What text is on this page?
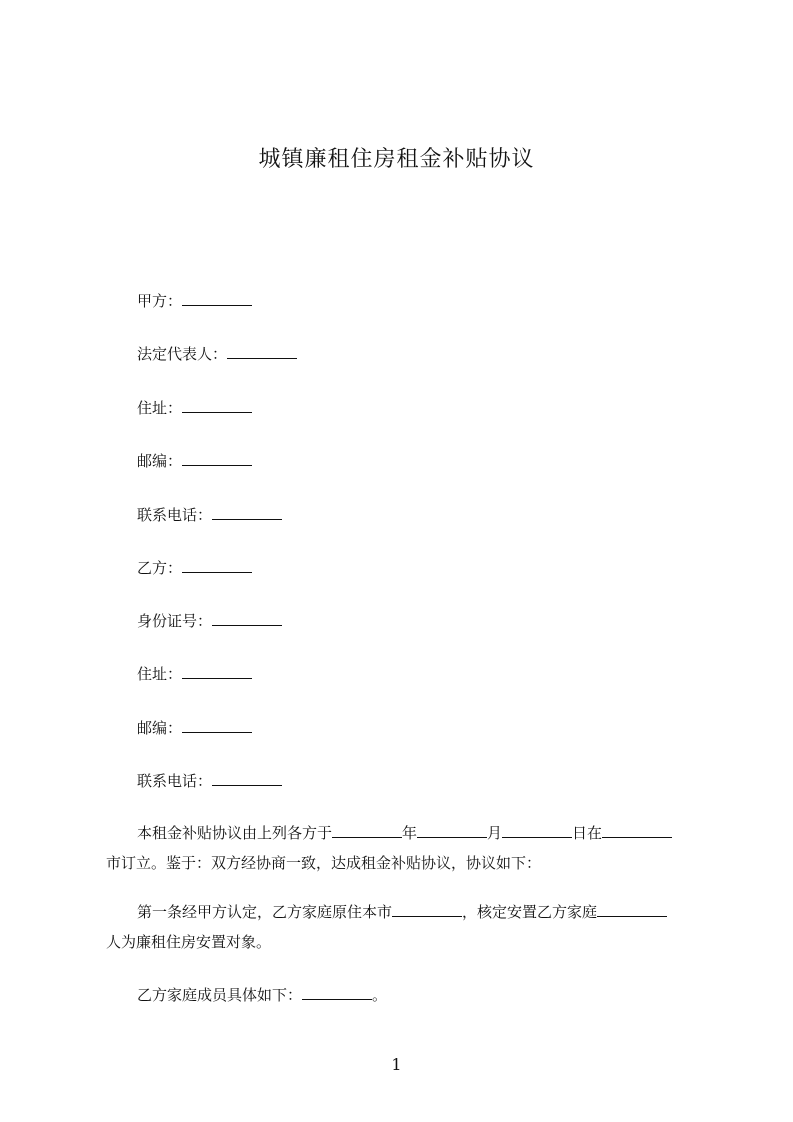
城镇廉租住房租金补贴协议
甲方：
法定代表人：
住址：
邮编：
联系电话：
乙方：
身份证号：
住址：
邮编：
联系电话：
本租金补贴协议由上列各方于	年	月	日在
市订立。鉴于：双方经协商一致，达成租金补贴协议，协议如下：
第一条经甲方认定，乙方家庭原住本市	，核定安置乙方家庭
人为廉租住房安置对象。
乙方家庭成员具体如下：	。
1
